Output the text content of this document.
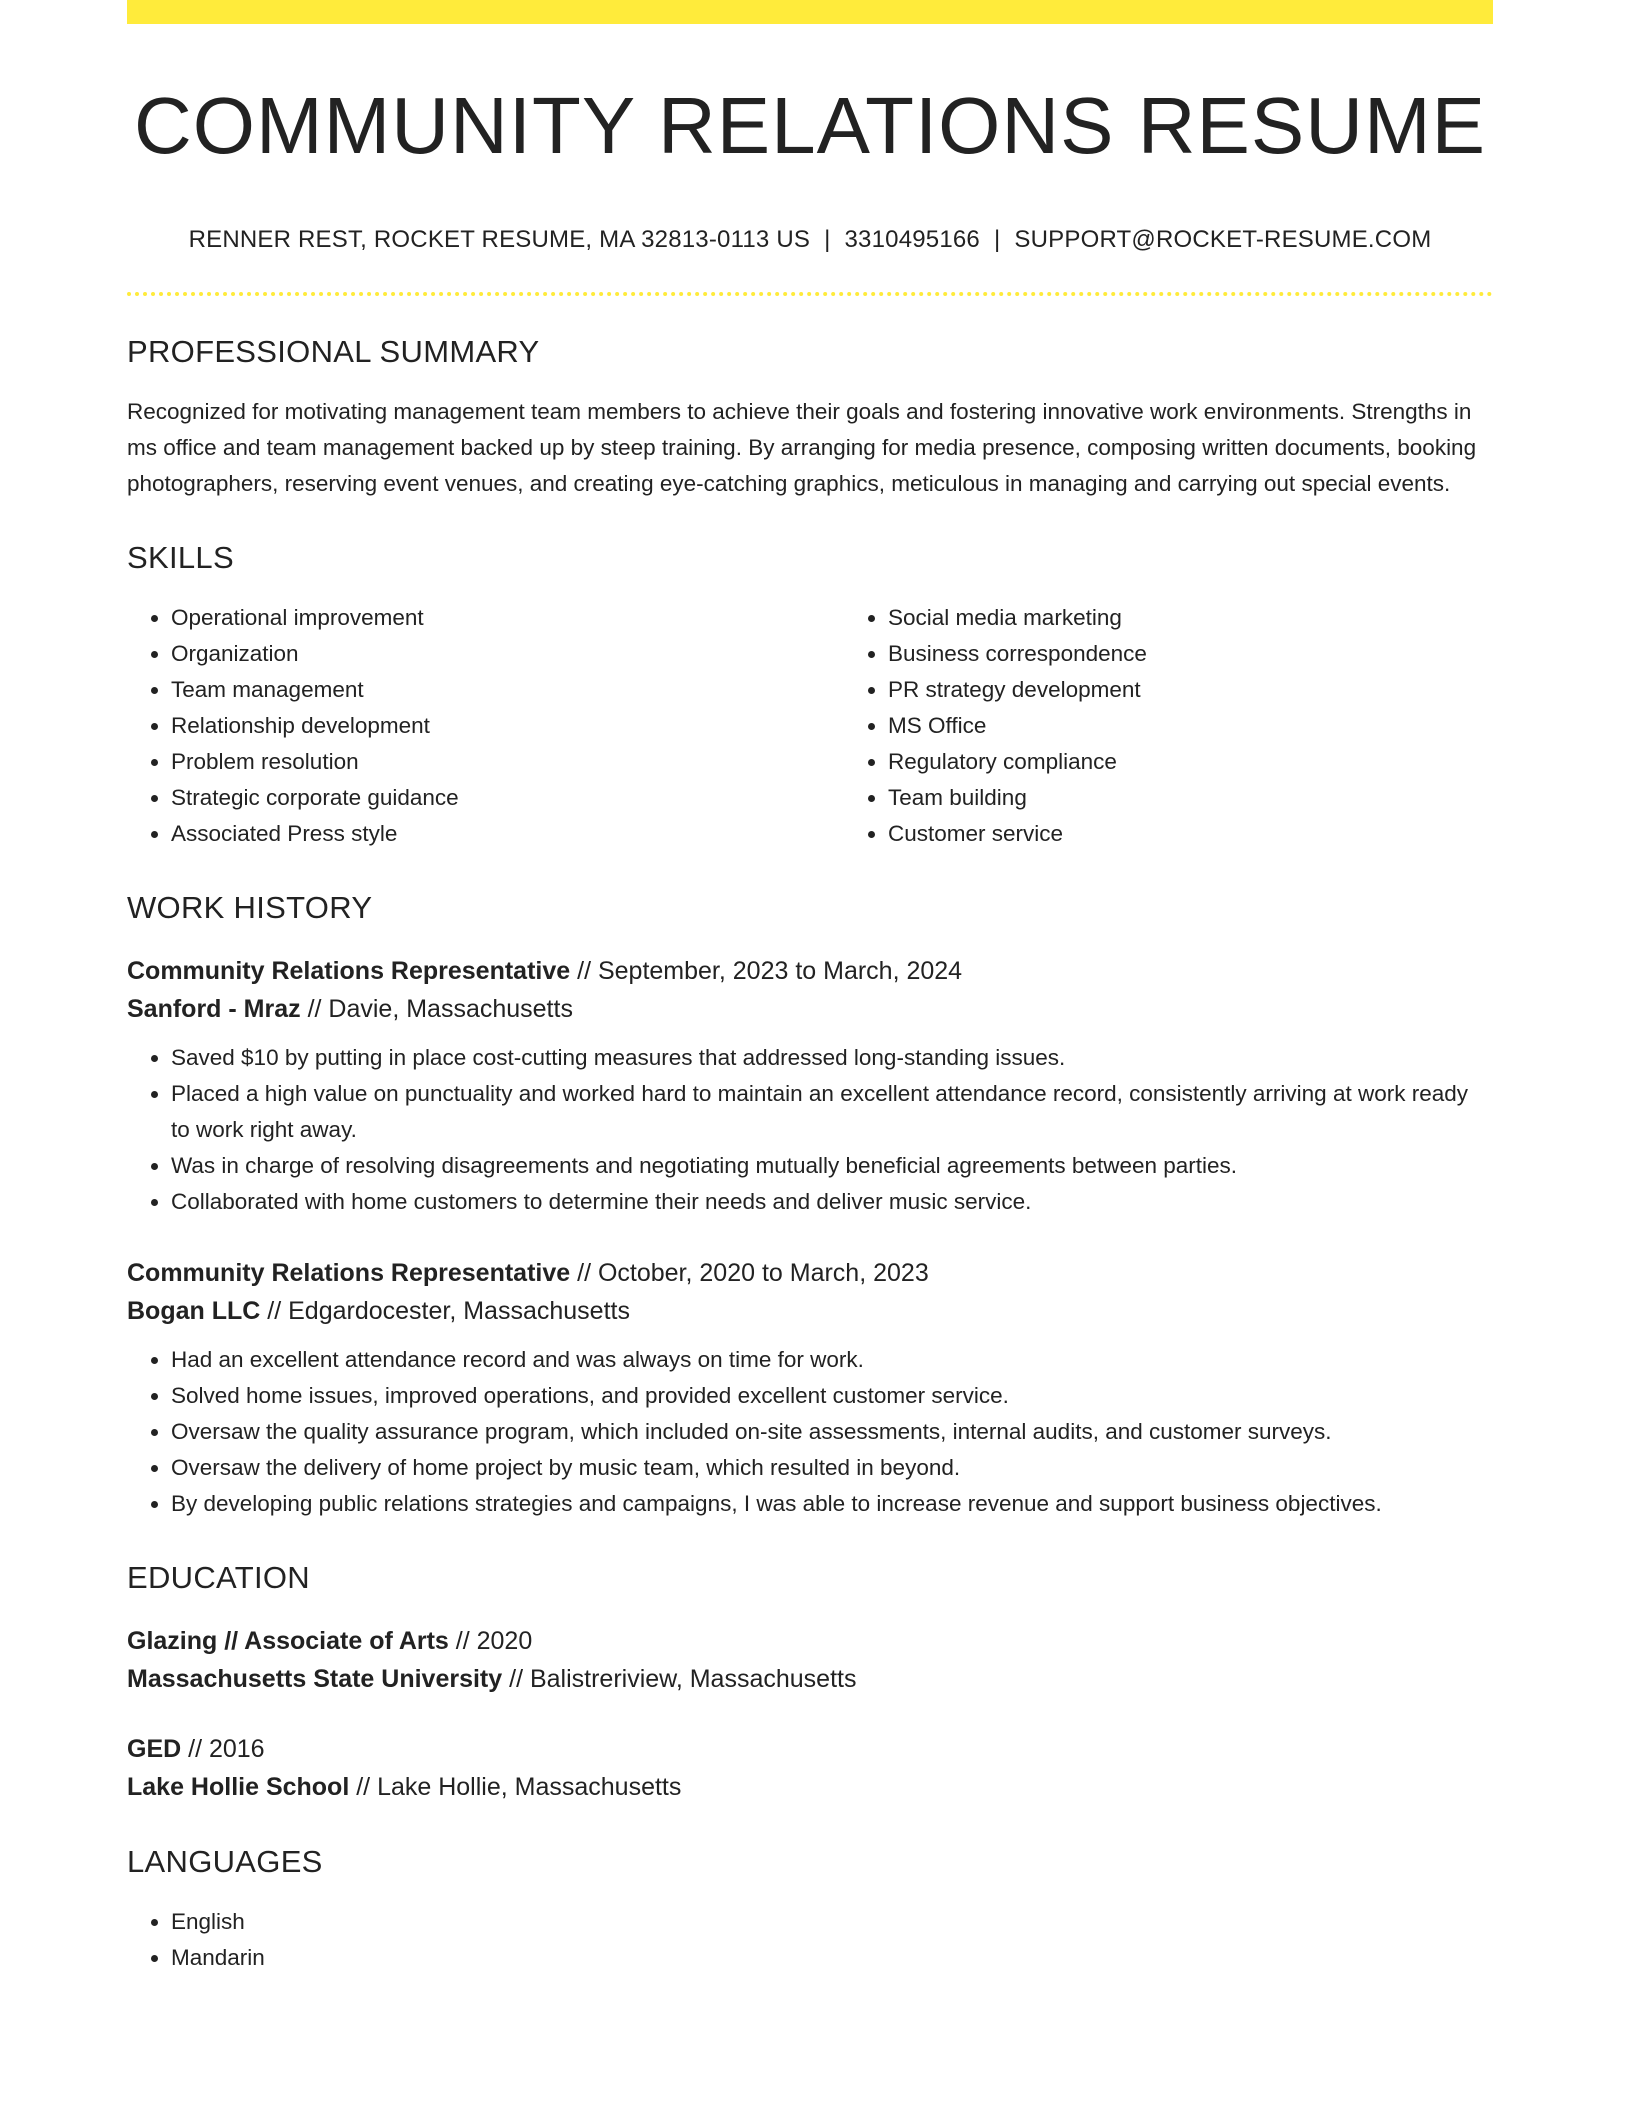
COMMUNITY RELATIONS RESUME
RENNER REST, ROCKET RESUME, MA 32813-0113 US | 3310495166 | SUPPORT@ROCKET-RESUME.COM
PROFESSIONAL SUMMARY
Recognized for motivating management team members to achieve their goals and fostering innovative work environments. Strengths in ms office and team management backed up by steep training. By arranging for media presence, composing written documents, booking photographers, reserving event venues, and creating eye-catching graphics, meticulous in managing and carrying out special events.
SKILLS
• Operational improvement
• Organization
• Team management
• Relationship development
• Problem resolution
• Strategic corporate guidance
• Associated Press style
• Social media marketing
• Business correspondence
• PR strategy development
• MS Office
• Regulatory compliance
• Team building
• Customer service
WORK HISTORY
Community Relations Representative // September, 2023 to March, 2024
Sanford - Mraz // Davie, Massachusetts
• Saved $10 by putting in place cost-cutting measures that addressed long-standing issues.
• Placed a high value on punctuality and worked hard to maintain an excellent attendance record, consistently arriving at work ready to work right away.
• Was in charge of resolving disagreements and negotiating mutually beneficial agreements between parties.
• Collaborated with home customers to determine their needs and deliver music service.
Community Relations Representative // October, 2020 to March, 2023
Bogan LLC // Edgardocester, Massachusetts
• Had an excellent attendance record and was always on time for work.
• Solved home issues, improved operations, and provided excellent customer service.
• Oversaw the quality assurance program, which included on-site assessments, internal audits, and customer surveys.
• Oversaw the delivery of home project by music team, which resulted in beyond.
• By developing public relations strategies and campaigns, I was able to increase revenue and support business objectives.
EDUCATION
Glazing // Associate of Arts // 2020
Massachusetts State University // Balistreriview, Massachusetts
GED // 2016
Lake Hollie School // Lake Hollie, Massachusetts
LANGUAGES
• English
• Mandarin
